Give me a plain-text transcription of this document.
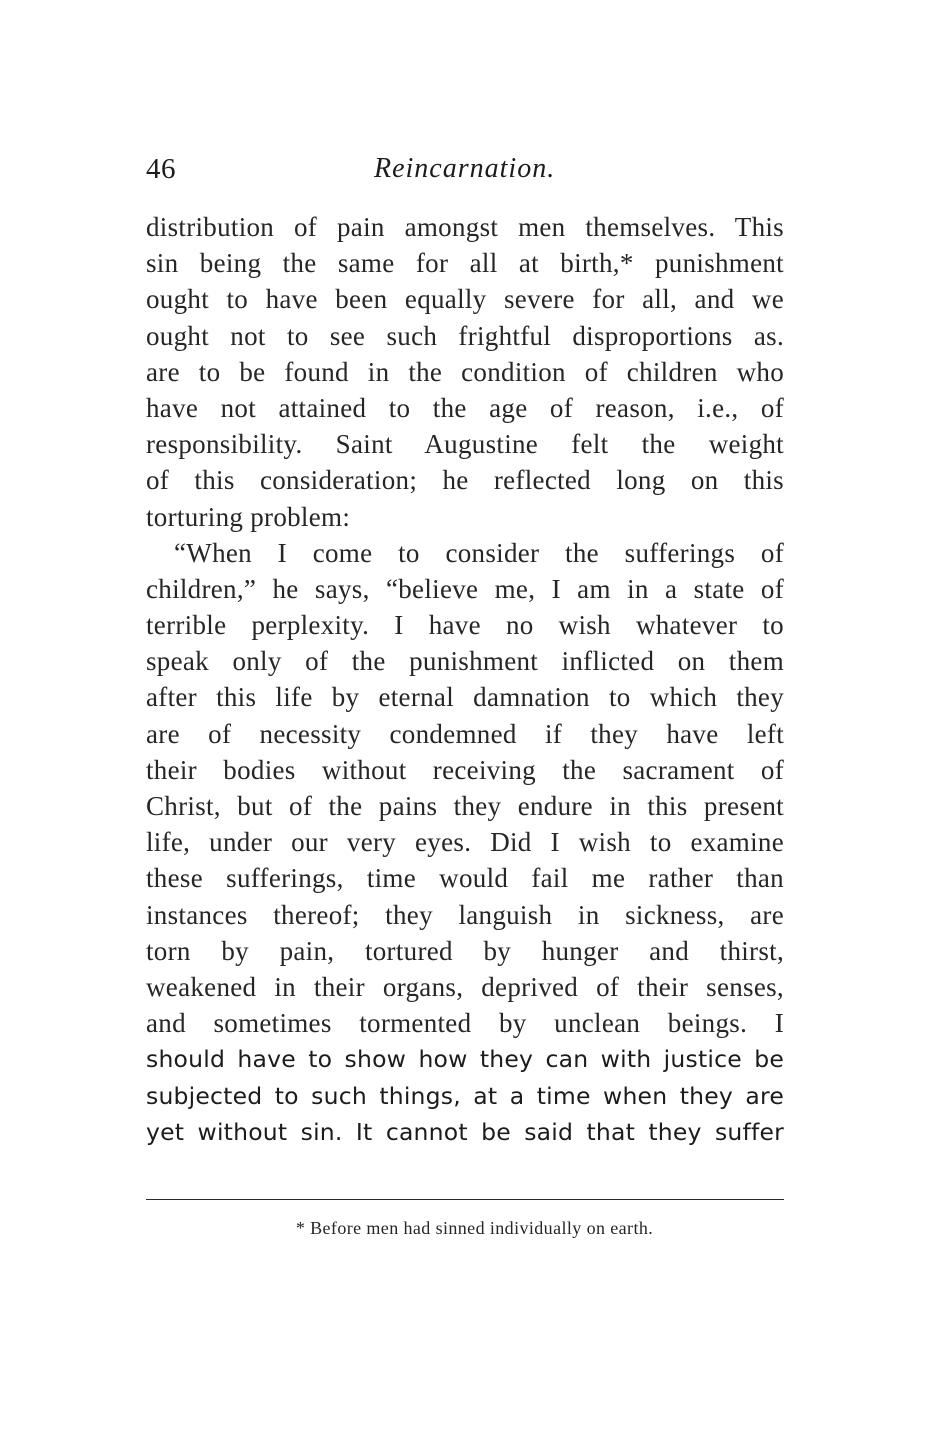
46	Reincarnation.
distribution of pain amongst men themselves. This
sin being the same for all at birth,* punishment
ought to have been equally severe for all, and we
ought not to see such frightful disproportions as.
are to be found in the condition of children who
have not attained to the age of reason, i.e., of
responsibility. Saint Augustine felt the weight
of this consideration; he reflected long on this
torturing problem:
“When I come to consider the sufferings of
children,” he says, “believe me, I am in a state of
terrible perplexity. I have no wish whatever to
speak only of the punishment inflicted on them
after this life by eternal damnation to which they
are of necessity condemned if they have left
their bodies without receiving the sacrament of
Christ, but of the pains they endure in this present
life, under our very eyes. Did I wish to examine
these sufferings, time would fail me rather than
instances thereof; they languish in sickness, are
torn by pain, tortured by hunger and thirst,
weakened in their organs, deprived of their senses,
and sometimes tormented by unclean beings. I
should have to show how they can with justice be
subjected to such things, at a time when they are
yet without sin. It cannot be said that they suffer
* Before men had sinned individually on earth.
